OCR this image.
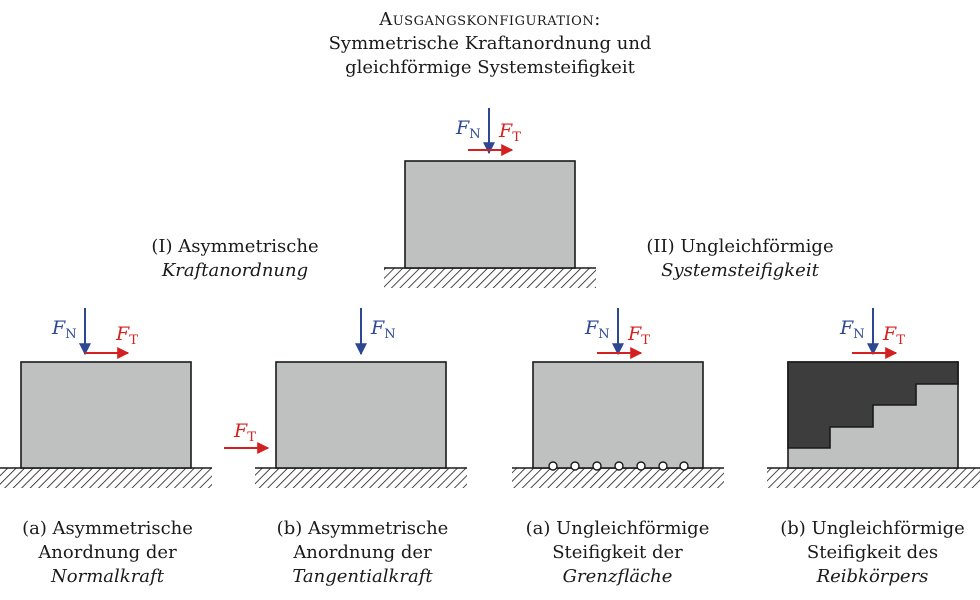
Ausgangskonfiguration:
Symmetrische Kraftanordnung und
gleichförmige Systemsteifigkeit
(I) Asymmetrische
Kraftanordnung
(II) Ungleichförmige
Systemsteifigkeit
(a) Asymmetrische
Anordnung der
Normalkraft
(b) Asymmetrische
Anordnung der
Tangentialkraft
(a) Ungleichförmige
Steifigkeit der
Grenzfläche
(b) Ungleichförmige
Steifigkeit des
Reibkörpers
$F_N$ $F_T$
$F_N$ $F_T$
$F_N$
$F_T$
$F_N$ $F_T$
$F_N$ $F_T$
